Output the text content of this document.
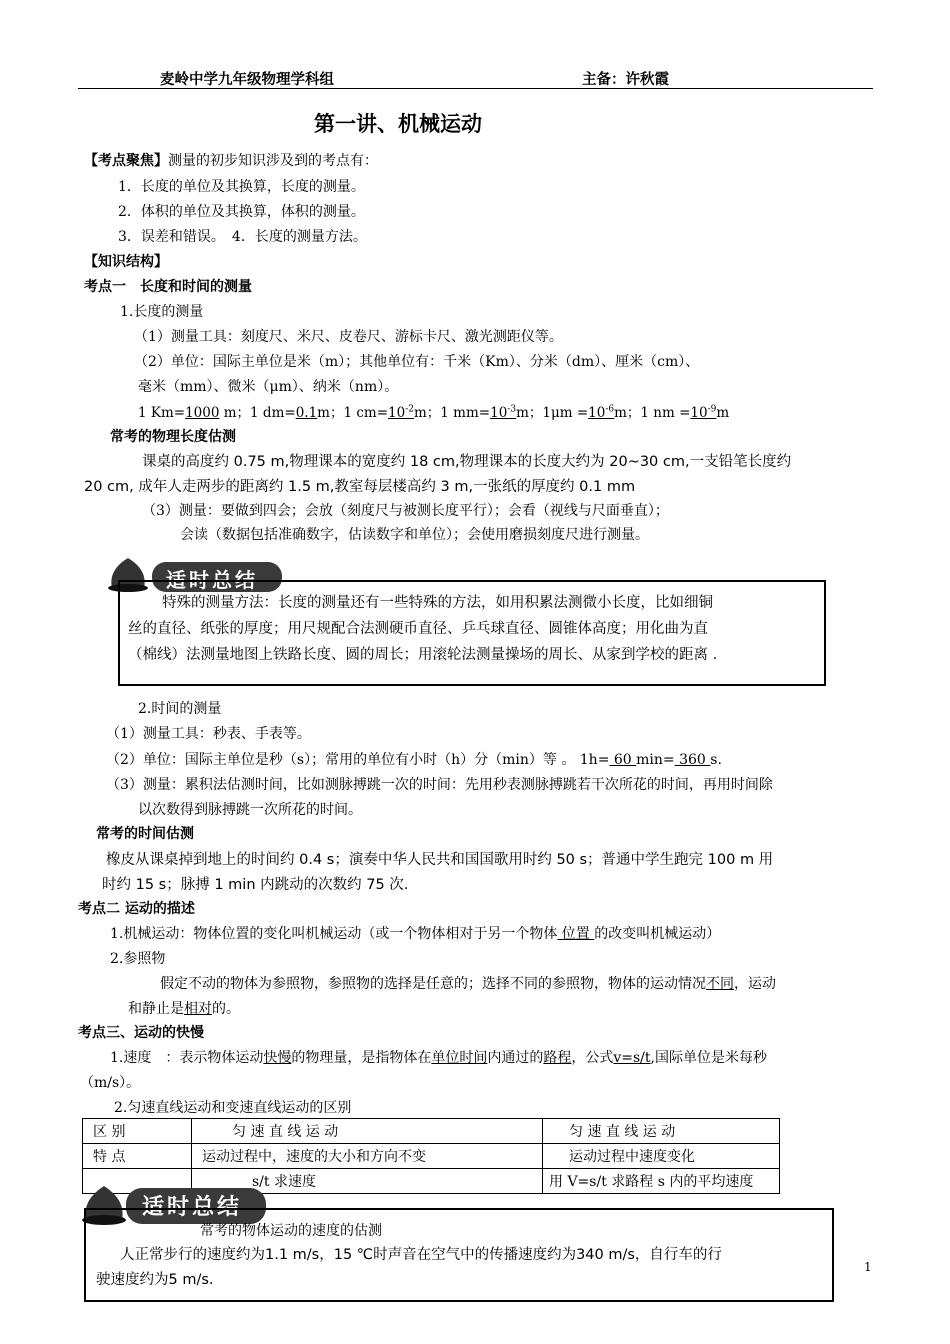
麦岭中学九年级物理学科组	主备：许秋霞
第一讲、机械运动
【考点聚焦】测量的初步知识涉及到的考点有：
1．长度的单位及其换算，长度的测量。
2．体积的单位及其换算，体积的测量。
3．误差和错误。　4．长度的测量方法。
【知识结构】
考点一　长度和时间的测量
1.长度的测量
（1）测量工具：刻度尺、米尺、皮卷尺、游标卡尺、激光测距仪等。
（2）单位：国际主单位是米（m）；其他单位有：千米（Km）、分米（dm）、厘米（cm）、
毫米（mm）、微米（μm）、纳米（nm）。
1 Km=1000 m；1 dm=0.1m；1 $cm=10^{-2}m$；1 $mm=10^{-3}m$；$1\mu m =10^{-6}m$；1 nm $=10^{-9}m$
常考的物理长度估测
课桌的高度约 0.75 m,物理课本的宽度约 18 cm,物理课本的长度大约为 20~30 cm,一支铅笔长度约
20 cm, 成年人走两步的距离约 1.5 m,教室每层楼高约 3 m,一张纸的厚度约 0.1 mm
（3）测量：要做到四会；会放（刻度尺与被测长度平行）；会看（视线与尺面垂直）；
会读（数据包括准确数字，估读数字和单位）；会使用磨损刻度尺进行测量。
适时总结
特殊的测量方法：长度的测量还有一些特殊的方法，如用积累法测微小长度，比如细铜
丝的直径、纸张的厚度；用尺规配合法测硬币直径、乒乓球直径、圆锥体高度；用化曲为直
（棉线）法测量地图上铁路长度、圆的周长；用滚轮法测量操场的周长、从家到学校的距离 .
2.时间的测量
（1）测量工具：秒表、手表等。
（2）单位：国际主单位是秒（s）；常用的单位有小时（h）分（min）等 。 1h= 60 min= 360 s.
（3）测量：累积法估测时间，比如测脉搏跳一次的时间：先用秒表测脉搏跳若干次所花的时间，再用时间除
以次数得到脉搏跳一次所花的时间。
常考的时间估测
橡皮从课桌掉到地上的时间约 0.4 s；演奏中华人民共和国国歌用时约 50 s；普通中学生跑完 100 m 用
时约 15 s；脉搏 1 min 内跳动的次数约 75 次.
考点二 运动的描述
1.机械运动：物体位置的变化叫机械运动（或一个物体相对于另一个物体 位置 的改变叫机械运动）
2.参照物
假定不动的物体为参照物，参照物的选择是任意的；选择不同的参照物，物体的运动情况不同，运动
和静止是相对的。
考点三、运动的快慢
1.速度　：表示物体运动快慢的物理量，是指物体在单位时间内通过的路程，公式v=s/t,国际单位是米每秒
（m/s）。
2.匀速直线运动和变速直线运动的区别
区 别	匀 速 直 线 运 动	匀 速 直 线 运 动
特 点	运动过程中，速度的大小和方向不变	运动过程中速度变化
	s/t 求速度	用 V=s/t 求路程 s 内的平均速度
适时总结
常考的物体运动的速度的估测
人正常步行的速度约为1.1 m/s，15 ℃时声音在空气中的传播速度约为340 m/s，自行车的行
驶速度约为5 m/s.
1
